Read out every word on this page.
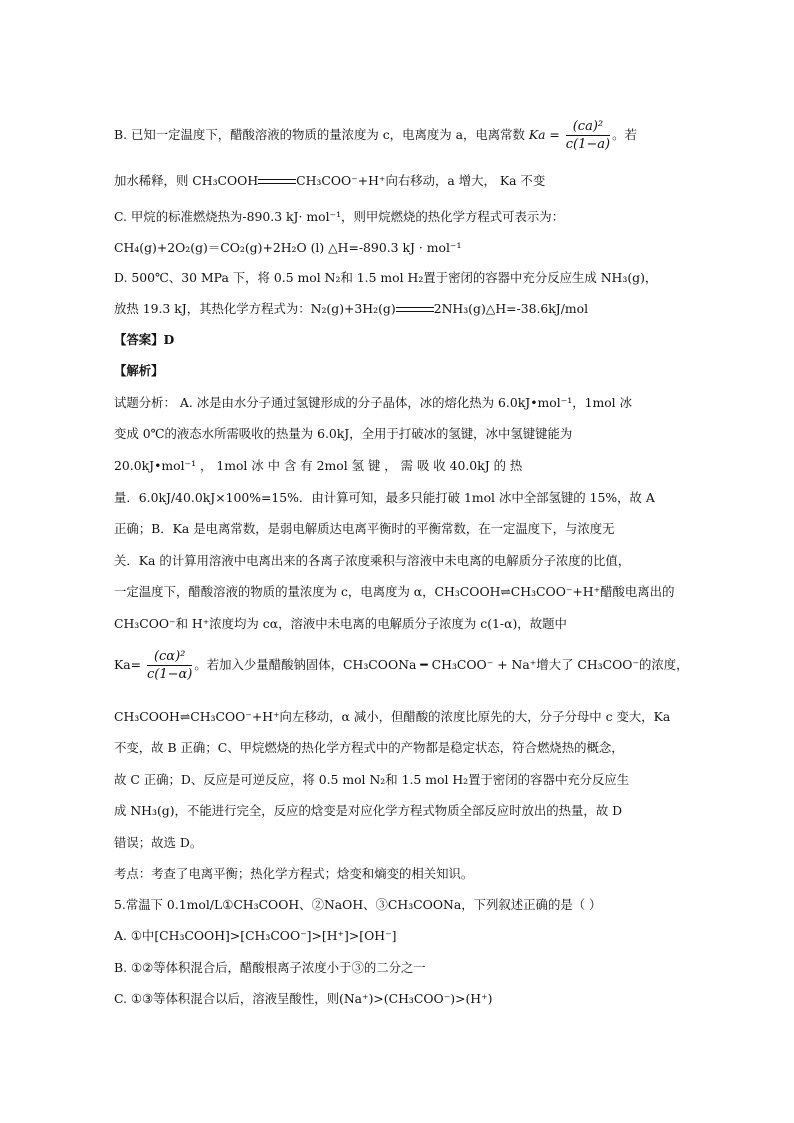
B. 已知一定温度下，醋酸溶液的物质的量浓度为 c，电离度为 a，电离常数 $Ka = \frac{\text{(ca)²}}{c(1-a)}$ 。若
加水稀释，则 CH₃COOH	CH₃COO⁻+H⁺向右移动，a 增大， Ka 不变
C. 甲烷的标准燃烧热为-890.3 kJ· mol⁻¹，则甲烷燃烧的热化学方程式可表示为：
CH₄(g)+2O₂(g)＝CO₂(g)+2H₂O (l) △H=-890.3 kJ · mol⁻¹
D. 500℃、30 MPa 下，将 0.5 mol N₂和 1.5 mol H₂置于密闭的容器中充分反应生成 NH₃(g)，
放热 19.3 kJ，其热化学方程式为：N₂(g)+3H₂(g)	2NH₃(g)△H=-38.6kJ/mol
【答案】D
【解析】
试题分析： A. 冰是由水分子通过氢键形成的分子晶体，冰的熔化热为 6.0kJ•mol⁻¹，1mol 冰
变成 0℃的液态水所需吸收的热量为 6.0kJ，全用于打破冰的氢键，冰中氢键键能为
20.0kJ•mol⁻¹ ， 1mol 冰 中 含 有 2mol 氢 键 ， 需 吸 收 40.0kJ 的 热
量．6.0kJ/40.0kJ×100%=15%．由计算可知，最多只能打破 1mol 冰中全部氢键的 15%，故 A
正确；B．Ka 是电离常数，是弱电解质达电离平衡时的平衡常数，在一定温度下，与浓度无
关．Ka 的计算用溶液中电离出来的各离子浓度乘积与溶液中未电离的电解质分子浓度的比值，
一定温度下，醋酸溶液的物质的量浓度为 c，电离度为 α，CH₃COOH⇌CH₃COO⁻+H⁺醋酸电离出的
CH₃COO⁻和 H⁺浓度均为 cα，溶液中未电离的电解质分子浓度为 c(1-α)，故题中
$Ka= \frac{\text{(cα)²}}{c(1-\alpha)}$ 。若加入少量醋酸钠固体，CH₃COONa ━ CH₃COO⁻ + Na⁺增大了 CH₃COO⁻的浓度，
CH₃COOH⇌CH₃COO⁻+H⁺向左移动，α 减小，但醋酸的浓度比原先的大，分子分母中 c 变大，Ka
不变，故 B 正确；C、甲烷燃烧的热化学方程式中的产物都是稳定状态，符合燃烧热的概念，
故 C 正确；D、反应是可逆反应，将 0.5 mol N₂和 1.5 mol H₂置于密闭的容器中充分反应生
成 NH₃(g)，不能进行完全，反应的焓变是对应化学方程式物质全部反应时放出的热量，故 D
错误；故选 D。
考点：考查了电离平衡；热化学方程式；焓变和熵变的相关知识。
5.常温下 0.1mol/L①CH₃COOH、②NaOH、③CH₃COONa，下列叙述正确的是（ ）
A. ①中[CH₃COOH]>[CH₃COO⁻]>[H⁺]>[OH⁻]
B. ①②等体积混合后，醋酸根离子浓度小于③的二分之一
C. ①③等体积混合以后，溶液呈酸性，则(Na⁺)>(CH₃COO⁻)>(H⁺)
